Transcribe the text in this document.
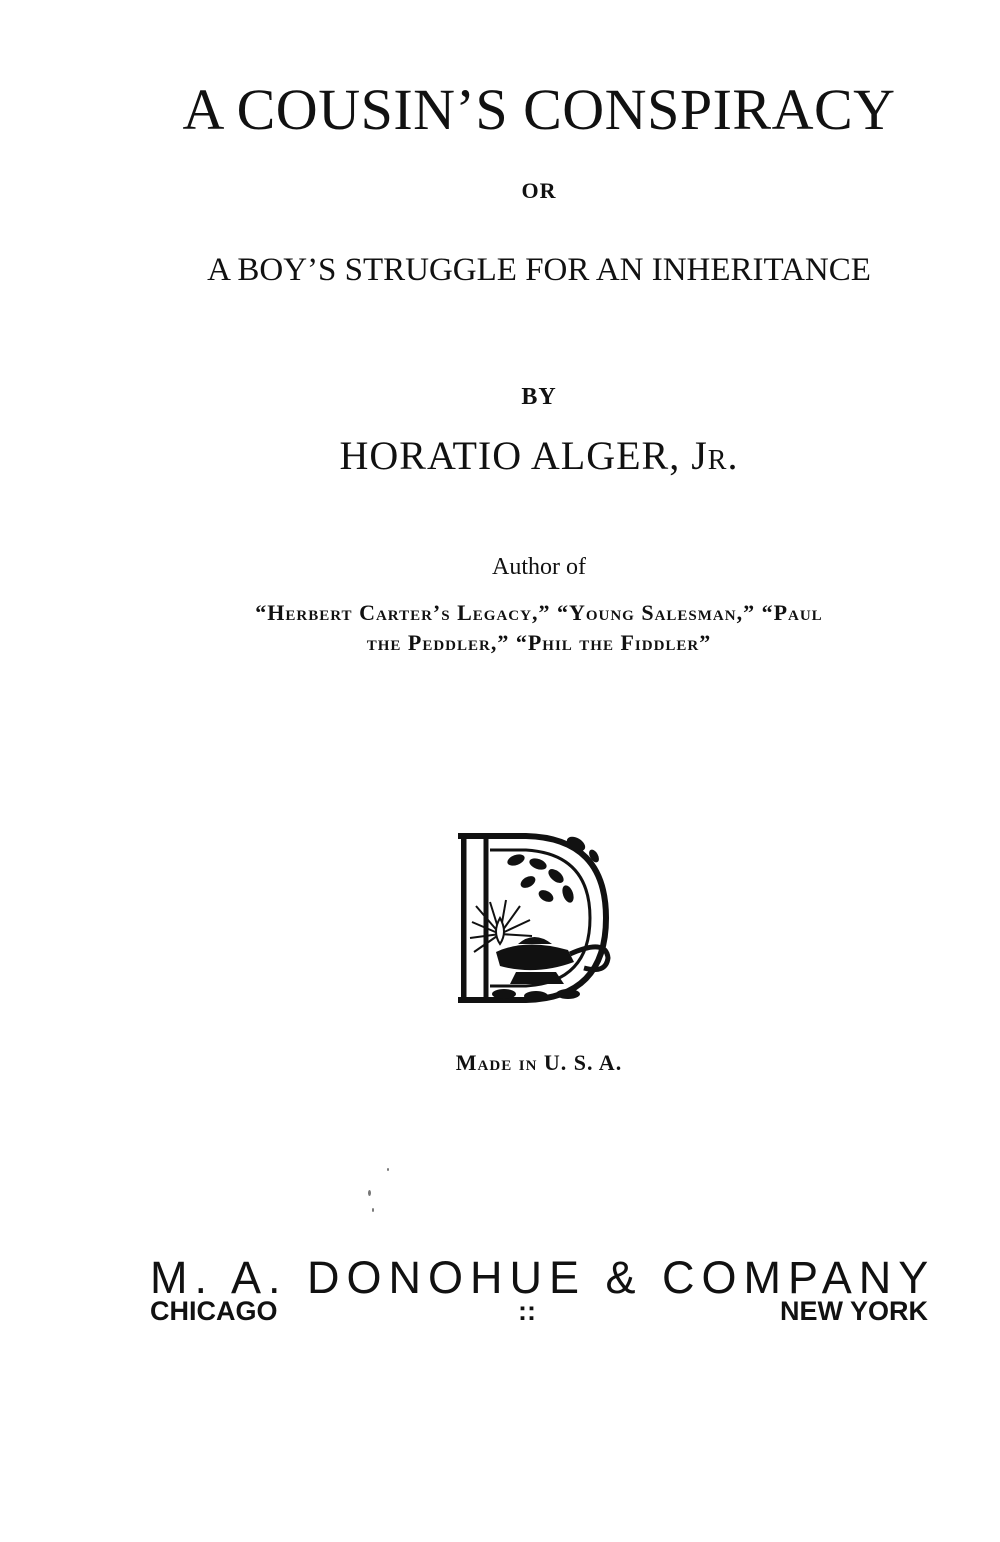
A COUSIN’S CONSPIRACY
OR
A BOY’S STRUGGLE FOR AN INHERITANCE
BY
HORATIO ALGER, Jr.
Author of
“Herbert Carter’s Legacy,” “Young Salesman,” “Paul
the Peddler,” “Phil the Fiddler”
Made in U. S. A.
M. A. DONOHUE & COMPANY
CHICAGO	::	NEW YORK
